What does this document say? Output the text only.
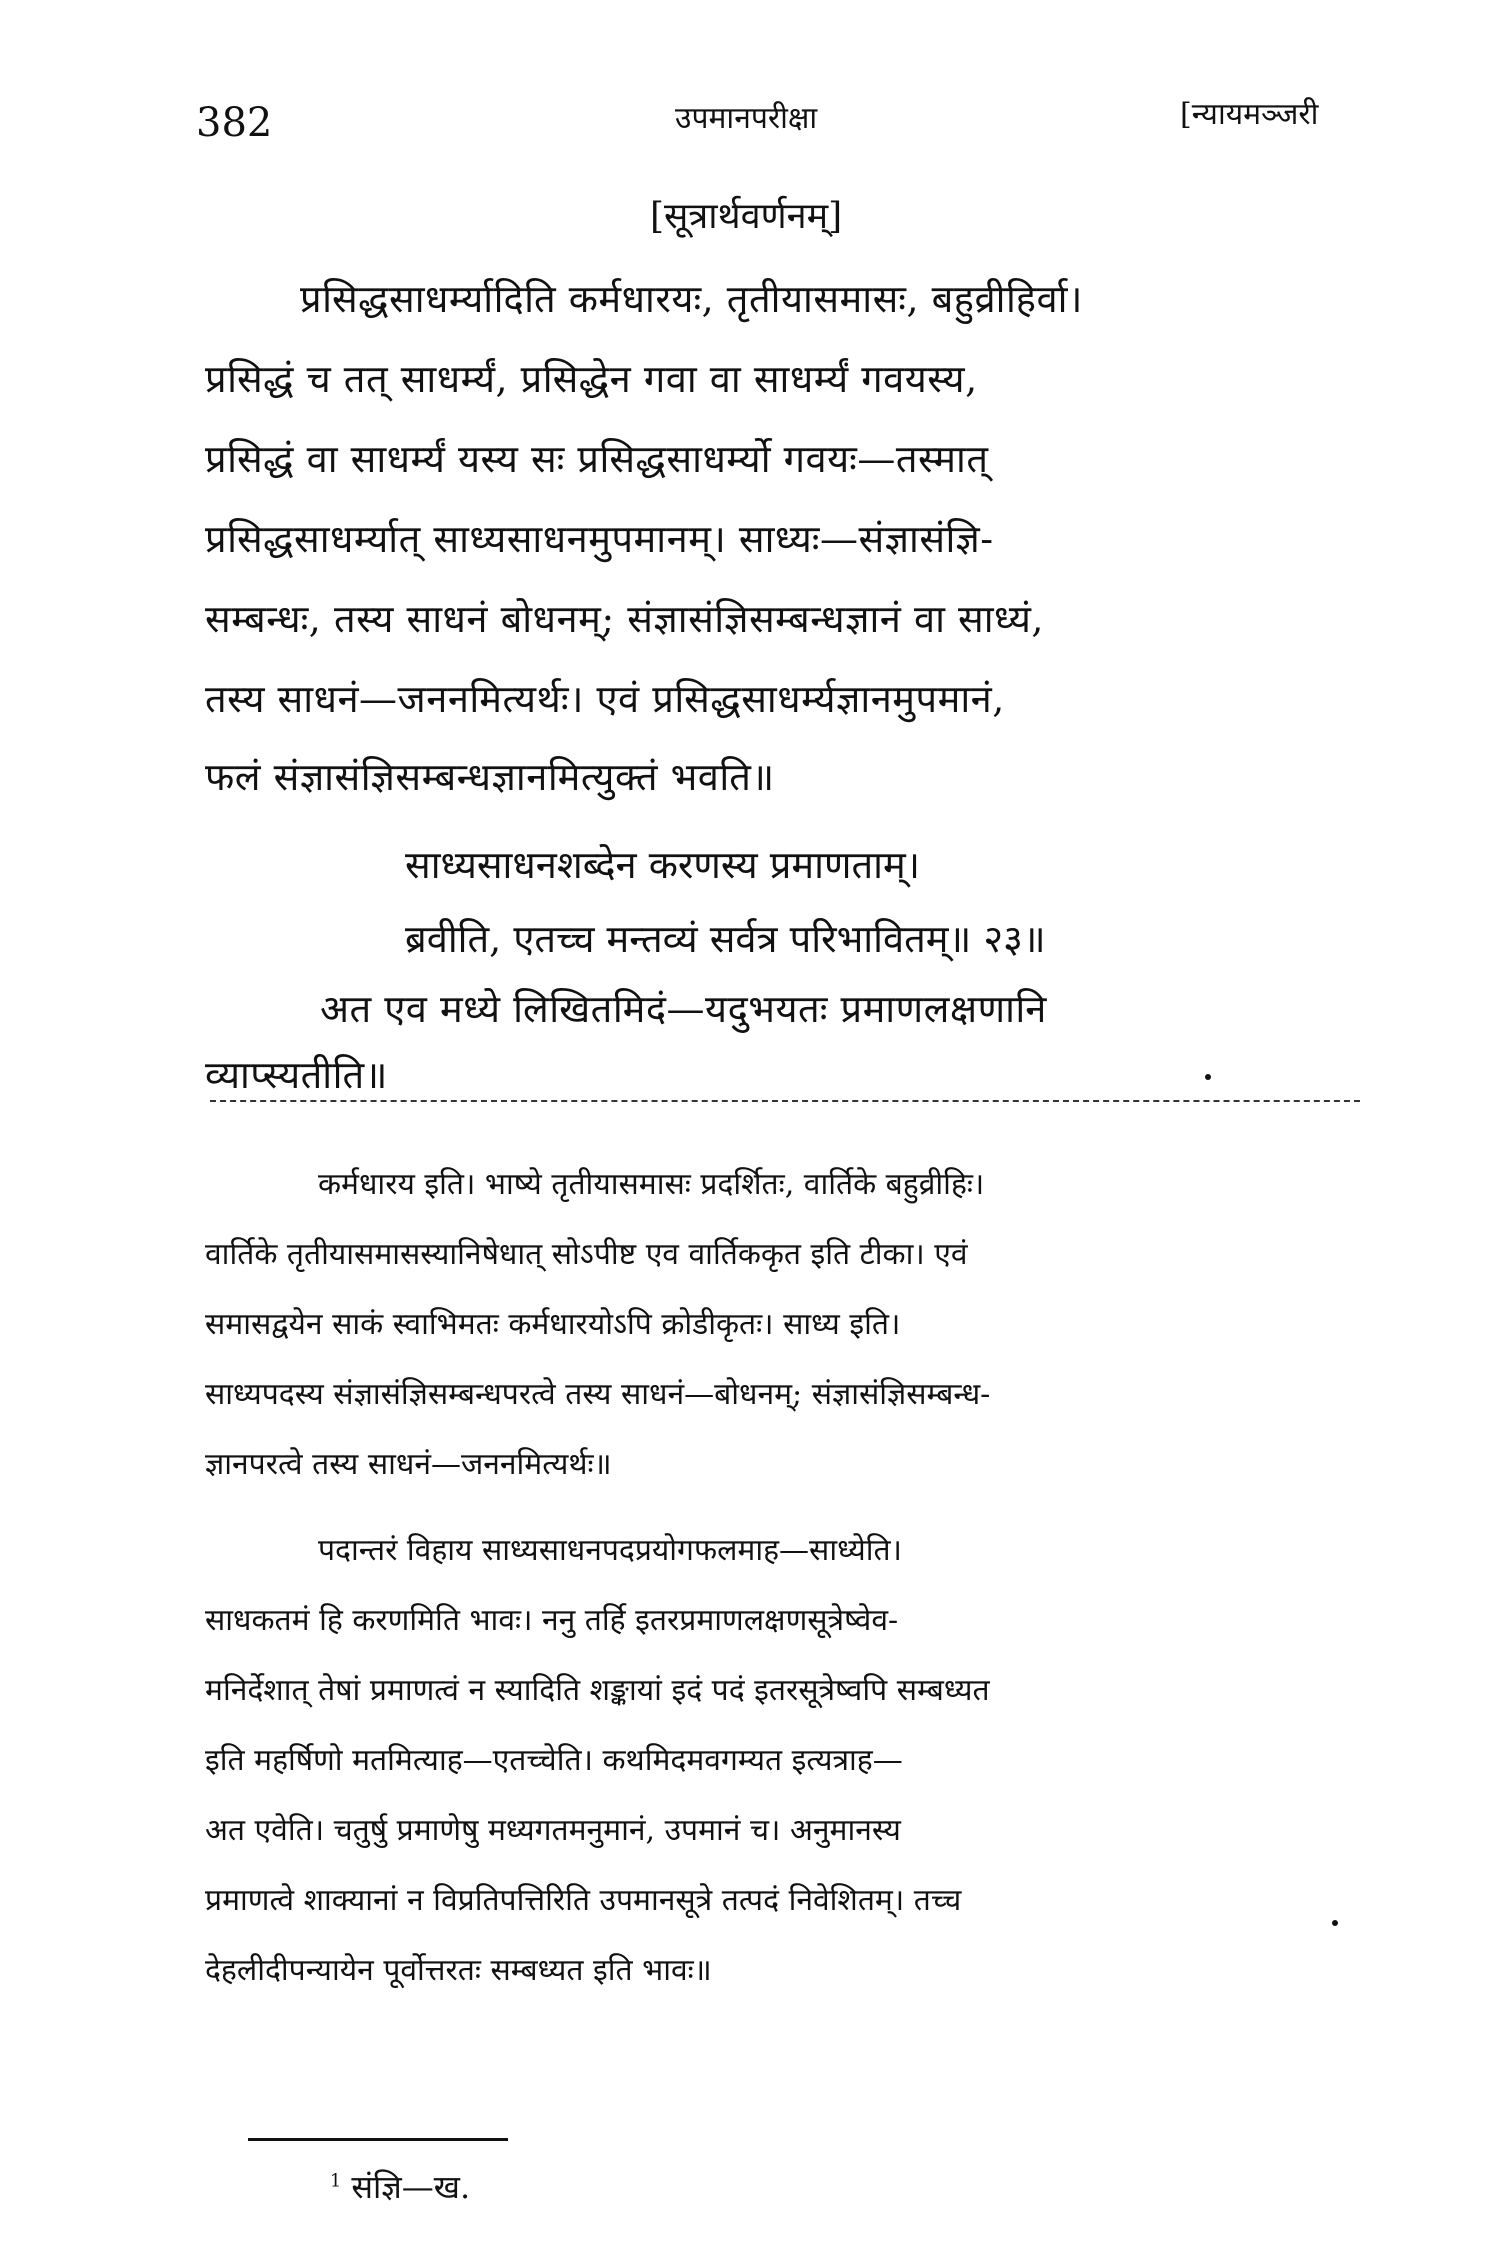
382	उपमानपरीक्षा	[न्यायमञ्जरी
[सूत्रार्थवर्णनम्]
प्रसिद्धसाधर्म्यादिति कर्मधारयः, तृतीयासमासः, बहुव्रीहिर्वा।
प्रसिद्धं च तत् साधर्म्यं, प्रसिद्धेन गवा वा साधर्म्यं गवयस्य,
प्रसिद्धं वा साधर्म्यं यस्य सः प्रसिद्धसाधर्म्यो गवयः—तस्मात्
प्रसिद्धसाधर्म्यात् साध्यसाधनमुपमानम्। साध्यः—संज्ञासंज्ञि-
सम्बन्धः, तस्य साधनं बोधनम्; संज्ञासंज्ञिसम्बन्धज्ञानं वा साध्यं,
तस्य साधनं—जननमित्यर्थः। एवं प्रसिद्धसाधर्म्यज्ञानमुपमानं,
फलं संज्ञासंज्ञिसम्बन्धज्ञानमित्युक्तं भवति॥
साध्यसाधनशब्देन करणस्य प्रमाणताम्।
ब्रवीति, एतच्च मन्तव्यं सर्वत्र परिभावितम्॥ २३॥
अत एव मध्ये लिखितमिदं—यदुभयतः प्रमाणलक्षणानि
व्याप्स्यतीति॥
कर्मधारय इति। भाष्ये तृतीयासमासः प्रदर्शितः, वार्तिके बहुव्रीहिः।
वार्तिके तृतीयासमासस्यानिषेधात् सोऽपीष्ट एव वार्तिककृत इति टीका। एवं
समासद्वयेन साकं स्वाभिमतः कर्मधारयोऽपि क्रोडीकृतः। साध्य इति।
साध्यपदस्य संज्ञासंज्ञिसम्बन्धपरत्वे तस्य साधनं—बोधनम्; संज्ञासंज्ञिसम्बन्ध-
ज्ञानपरत्वे तस्य साधनं—जननमित्यर्थः॥
पदान्तरं विहाय साध्यसाधनपदप्रयोगफलमाह—साध्येति।
साधकतमं हि करणमिति भावः। ननु तर्हि इतरप्रमाणलक्षणसूत्रेष्वेव-
मनिर्देशात् तेषां प्रमाणत्वं न स्यादिति शङ्कायां इदं पदं इतरसूत्रेष्वपि सम्बध्यत
इति महर्षिणो मतमित्याह—एतच्चेति। कथमिदमवगम्यत इत्यत्राह—
अत एवेति। चतुर्षु प्रमाणेषु मध्यगतमनुमानं, उपमानं च। अनुमानस्य
प्रमाणत्वे शाक्यानां न विप्रतिपत्तिरिति उपमानसूत्रे तत्पदं निवेशितम्। तच्च
देहलीदीपन्यायेन पूर्वोत्तरतः सम्बध्यत इति भावः॥
$^1$ संज्ञि—ख.
